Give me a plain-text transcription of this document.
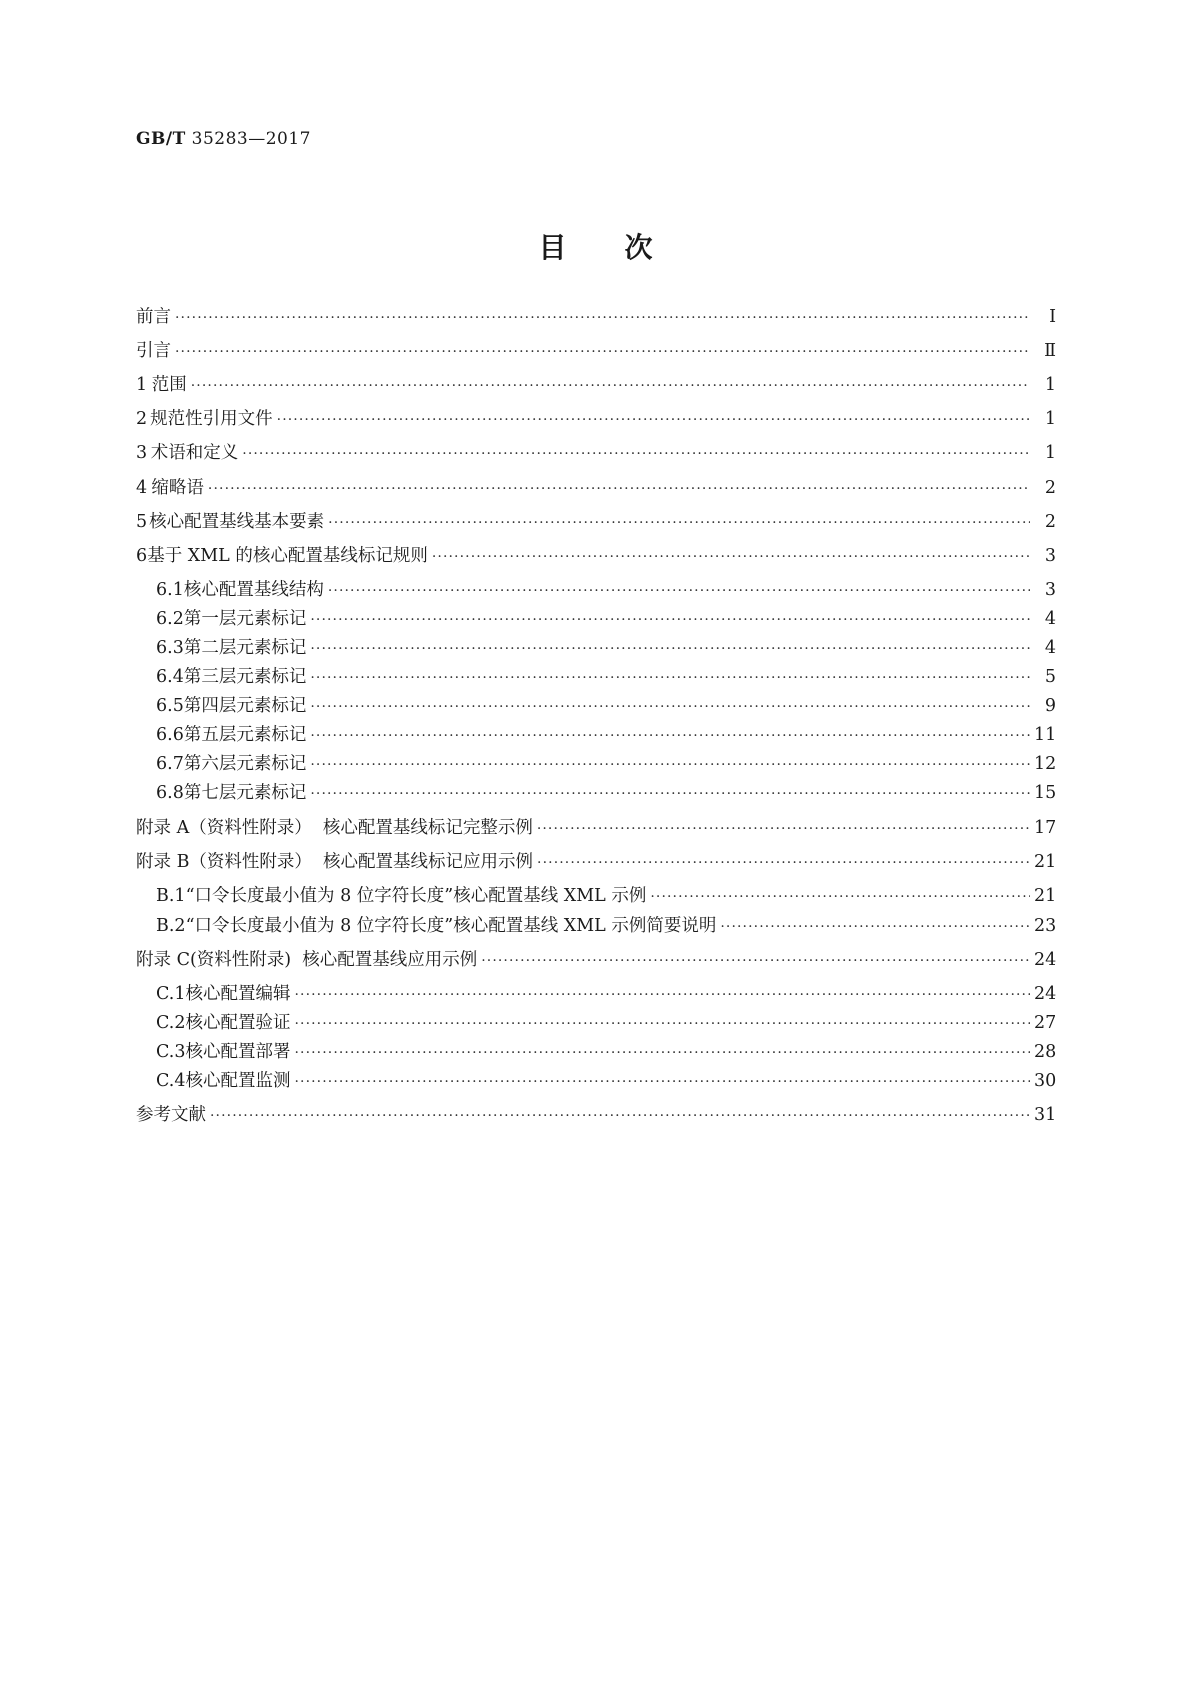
GB/T 35283—2017
目次
前言 ·····	Ⅰ
引言 ·····	Ⅱ
1 范围 ·····	1
2 规范性引用文件 ·····	1
3 术语和定义 ·····	1
4 缩略语 ·····	2
5 核心配置基线基本要素 ·····	2
6 基于 XML 的核心配置基线标记规则 ·····	3
6.1 核心配置基线结构 ·····	3
6.2 第一层元素标记 ·····	4
6.3 第二层元素标记 ·····	4
6.4 第三层元素标记 ·····	5
6.5 第四层元素标记 ·····	9
6.6 第五层元素标记 ·····	11
6.7 第六层元素标记 ·····	12
6.8 第七层元素标记 ·····	15
附录 A（资料性附录）  核心配置基线标记完整示例 ·····	17
附录 B（资料性附录）  核心配置基线标记应用示例 ·····	21
B.1 “口令长度最小值为 8 位字符长度”核心配置基线 XML 示例 ·····	21
B.2 “口令长度最小值为 8 位字符长度”核心配置基线 XML 示例简要说明 ·····	23
附录 C(资料性附录)  核心配置基线应用示例 ·····	24
C.1 核心配置编辑 ·····	24
C.2 核心配置验证 ·····	27
C.3 核心配置部署 ·····	28
C.4 核心配置监测 ·····	30
参考文献 ·····	31
